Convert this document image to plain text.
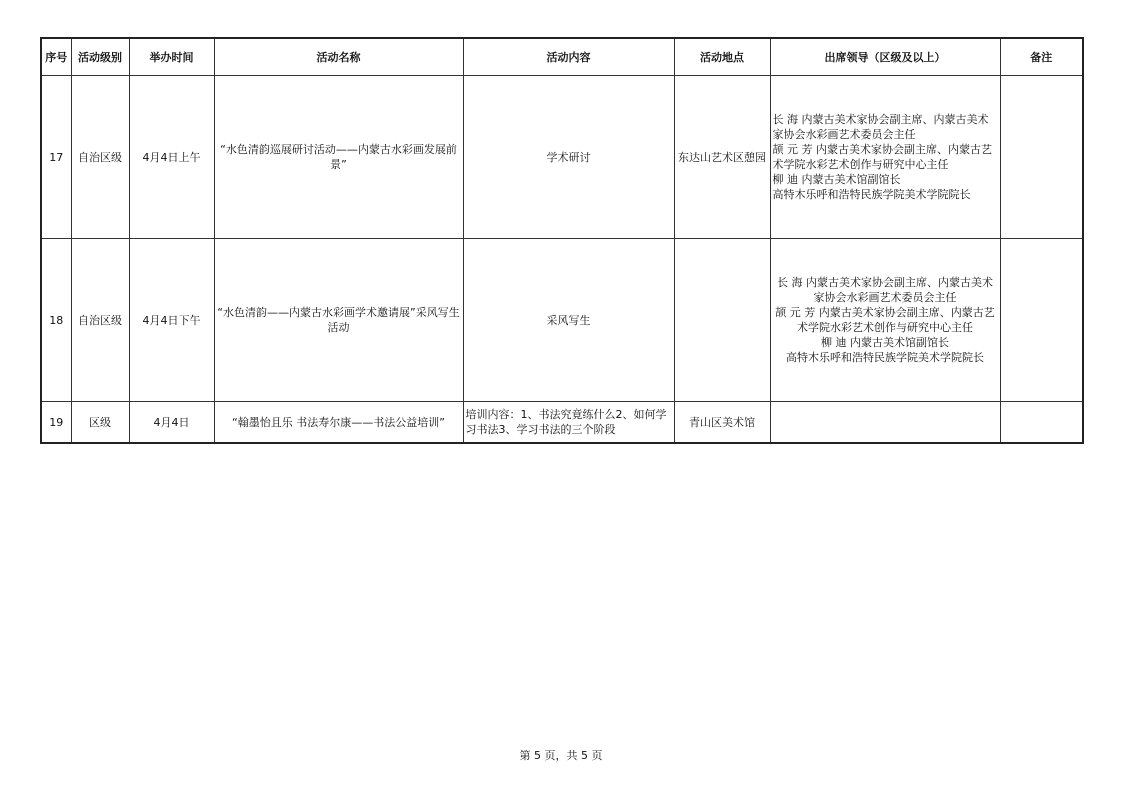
序号	活动级别	举办时间	活动名称	活动内容	活动地点	出席领导（区级及以上）	备注
17	自治区级	4月4日上午	“水色清韵巡展研讨活动——内蒙古水彩画发展前景”	学术研讨	东达山艺术区憩园	长 海 内蒙古美术家协会副主席、内蒙古美术家协会水彩画艺术委员会主任
颉 元 芳 内蒙古美术家协会副主席、内蒙古艺术学院水彩艺术创作与研究中心主任
柳 迪 内蒙古美术馆副馆长
高特木乐呼和浩特民族学院美术学院院长	
18	自治区级	4月4日下午	“水色清韵——内蒙古水彩画学术邀请展”采风写生活动	采风写生		长 海 内蒙古美术家协会副主席、内蒙古美术家协会水彩画艺术委员会主任
颉 元 芳 内蒙古美术家协会副主席、内蒙古艺术学院水彩艺术创作与研究中心主任
柳 迪 内蒙古美术馆副馆长
高特木乐呼和浩特民族学院美术学院院长	
19	区级	4月4日	“翰墨怡且乐 书法寿尔康——书法公益培训”	培训内容：1、书法究竟练什么2、如何学习书法3、学习书法的三个阶段	青山区美术馆		
第 5 页，共 5 页
